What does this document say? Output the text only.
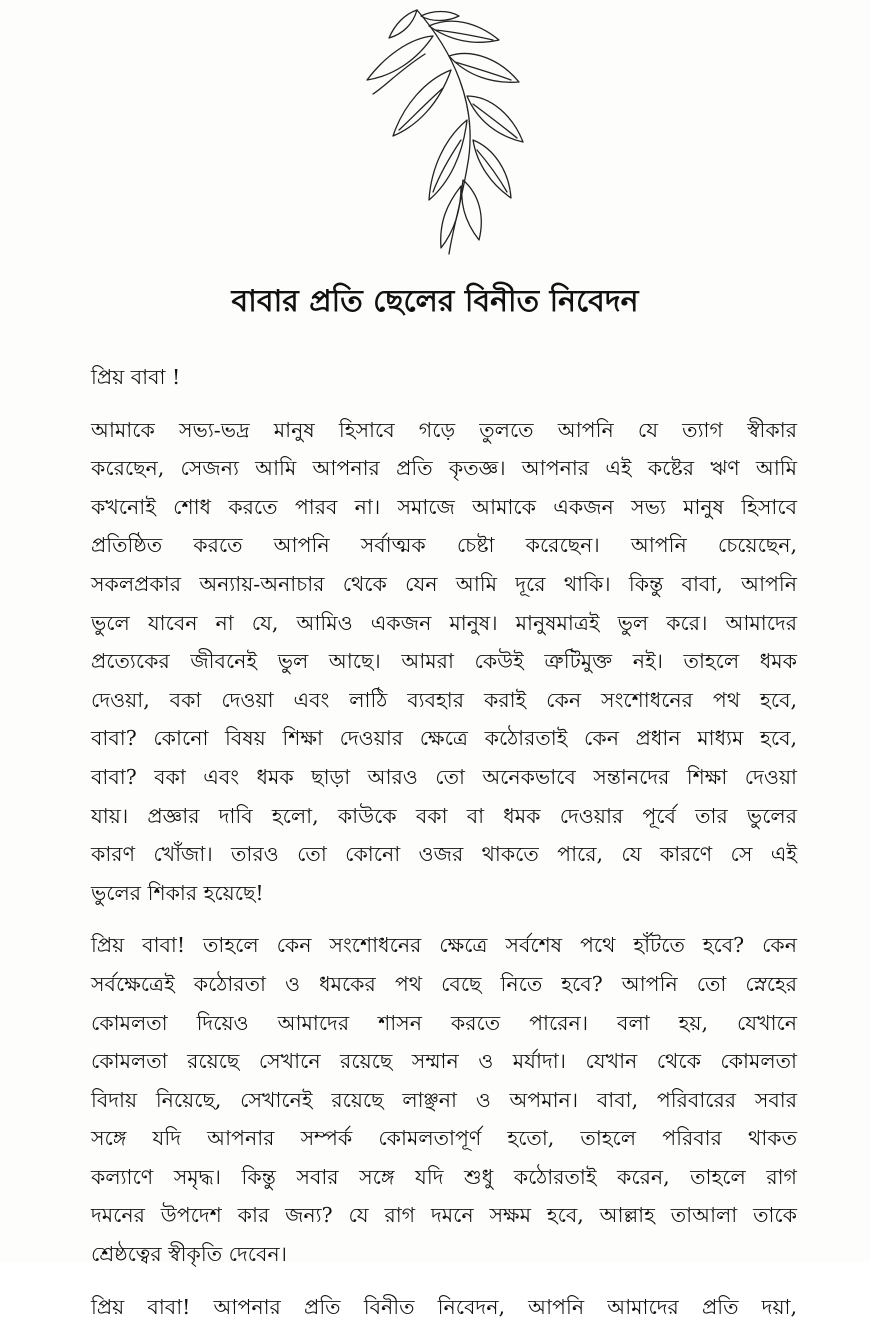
বাবার প্রতি ছেলের বিনীত নিবেদন
প্রিয় বাবা !
আমাকে সভ্য-ভদ্র মানুষ হিসাবে গড়ে তুলতে আপনি যে ত্যাগ স্বীকার
করেছেন, সেজন্য আমি আপনার প্রতি কৃতজ্ঞ। আপনার এই কষ্টের ঋণ আমি
কখনোই শোধ করতে পারব না। সমাজে আমাকে একজন সভ্য মানুষ হিসাবে
প্রতিষ্ঠিত করতে আপনি সর্বাত্মক চেষ্টা করেছেন। আপনি চেয়েছেন,
সকলপ্রকার অন্যায়-অনাচার থেকে যেন আমি দূরে থাকি। কিন্তু বাবা, আপনি
ভুলে যাবেন না যে, আমিও একজন মানুষ। মানুষমাত্রই ভুল করে। আমাদের
প্রত্যেকের জীবনেই ভুল আছে। আমরা কেউই ত্রুটিমুক্ত নই। তাহলে ধমক
দেওয়া, বকা দেওয়া এবং লাঠি ব্যবহার করাই কেন সংশোধনের পথ হবে,
বাবা? কোনো বিষয় শিক্ষা দেওয়ার ক্ষেত্রে কঠোরতাই কেন প্রধান মাধ্যম হবে,
বাবা? বকা এবং ধমক ছাড়া আরও তো অনেকভাবে সন্তানদের শিক্ষা দেওয়া
যায়। প্রজ্ঞার দাবি হলো, কাউকে বকা বা ধমক দেওয়ার পূর্বে তার ভুলের
কারণ খোঁজা। তারও তো কোনো ওজর থাকতে পারে, যে কারণে সে এই
ভুলের শিকার হয়েছে!
প্রিয় বাবা! তাহলে কেন সংশোধনের ক্ষেত্রে সর্বশেষ পথে হাঁটতে হবে? কেন
সর্বক্ষেত্রেই কঠোরতা ও ধমকের পথ বেছে নিতে হবে? আপনি তো স্নেহের
কোমলতা দিয়েও আমাদের শাসন করতে পারেন। বলা হয়, যেখানে
কোমলতা রয়েছে সেখানে রয়েছে সম্মান ও মর্যাদা। যেখান থেকে কোমলতা
বিদায় নিয়েছে, সেখানেই রয়েছে লাঞ্ছনা ও অপমান। বাবা, পরিবারের সবার
সঙ্গে যদি আপনার সম্পর্ক কোমলতাপূর্ণ হতো, তাহলে পরিবার থাকত
কল্যাণে সমৃদ্ধ। কিন্তু সবার সঙ্গে যদি শুধু কঠোরতাই করেন, তাহলে রাগ
দমনের উপদেশ কার জন্য? যে রাগ দমনে সক্ষম হবে, আল্লাহ তাআলা তাকে
শ্রেষ্ঠত্বের স্বীকৃতি দেবেন।
প্রিয় বাবা! আপনার প্রতি বিনীত নিবেদন, আপনি আমাদের প্রতি দয়া,
